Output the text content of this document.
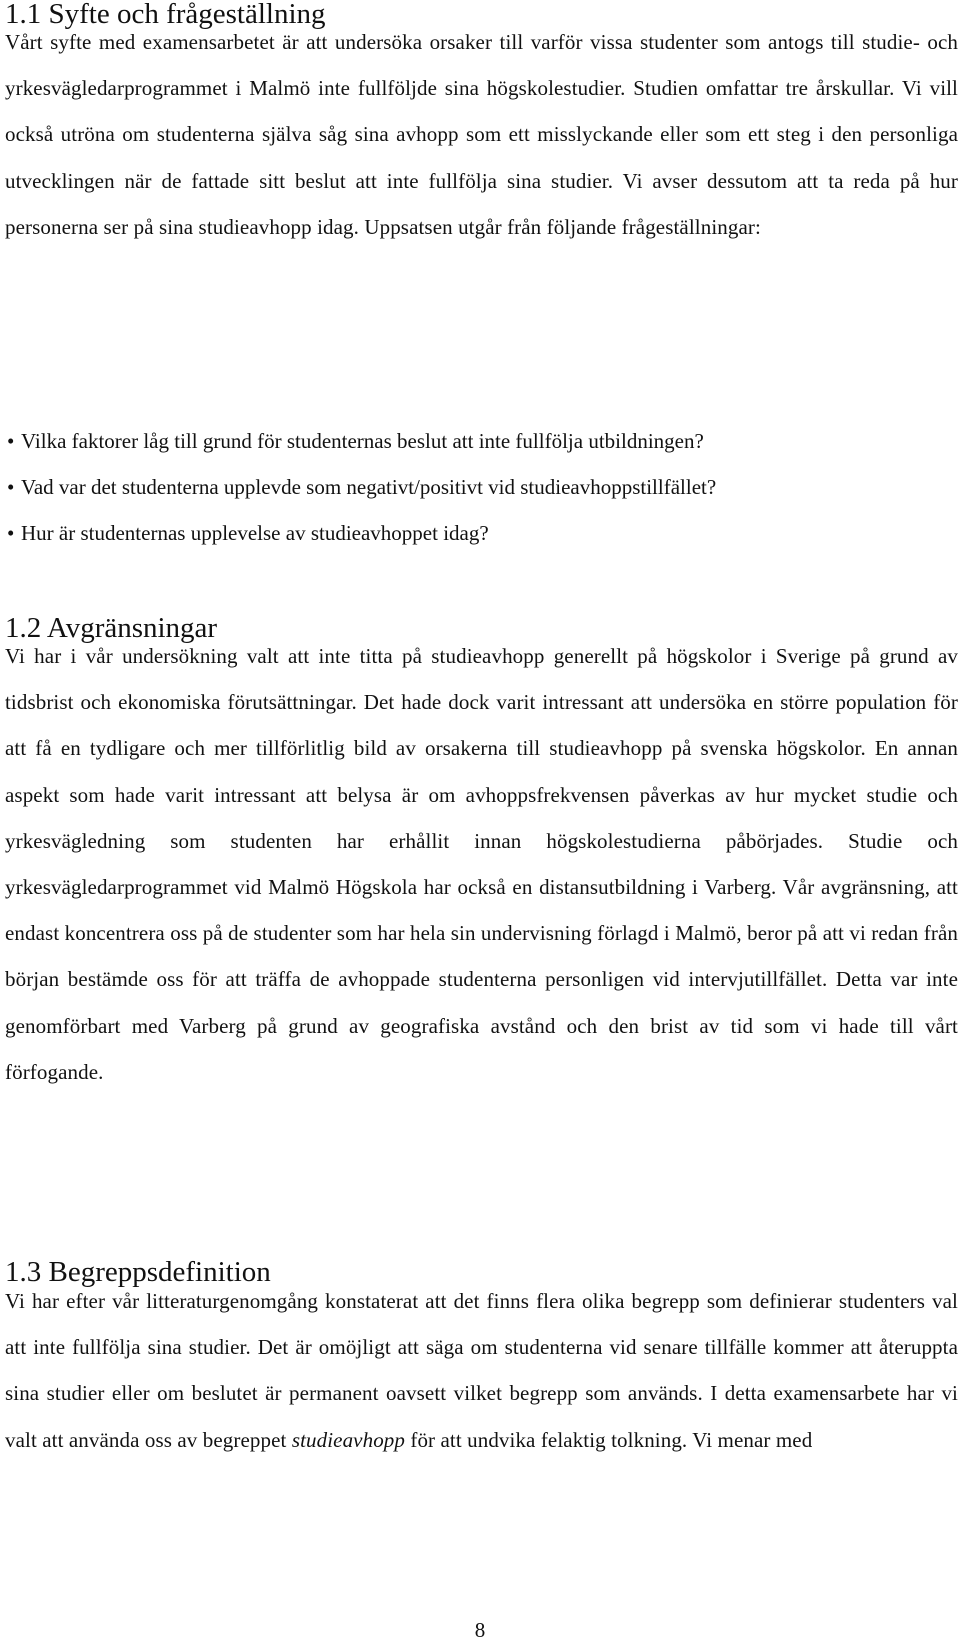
1.1 Syfte och frågeställning

Vårt syfte med examensarbetet är att undersöka orsaker till varför vissa studenter som antogs till studie- och yrkesvägledarprogrammet i Malmö inte fullföljde sina högskolestudier. Studien omfattar tre årskullar. Vi vill också utröna om studenterna själva såg sina avhopp som ett misslyckande eller som ett steg i den personliga utvecklingen när de fattade sitt beslut att inte fullfölja sina studier. Vi avser dessutom att ta reda på hur personerna ser på sina studieavhopp idag. Uppsatsen utgår från följande frågeställningar:

• Vilka faktorer låg till grund för studenternas beslut att inte fullfölja utbildningen?
• Vad var det studenterna upplevde som negativt/positivt vid studieavhoppstillfället?
• Hur är studenternas upplevelse av studieavhoppet idag?
1.2 Avgränsningar

Vi har i vår undersökning valt att inte titta på studieavhopp generellt på högskolor i Sverige på grund av tidsbrist och ekonomiska förutsättningar. Det hade dock varit intressant att undersöka en större population för att få en tydligare och mer tillförlitlig bild av orsakerna till studieavhopp på svenska högskolor. En annan aspekt som hade varit intressant att belysa är om avhoppsfrekvensen påverkas av hur mycket studie och yrkesvägledning som studenten har erhållit innan högskolestudierna påbörjades. Studie och yrkesvägledarprogrammet vid Malmö Högskola har också en distansutbildning i Varberg. Vår avgränsning, att endast koncentrera oss på de studenter som har hela sin undervisning förlagd i Malmö, beror på att vi redan från början bestämde oss för att träffa de avhoppade studenterna personligen vid intervjutillfället. Detta var inte genomförbart med Varberg på grund av geografiska avstånd och den brist av tid som vi hade till vårt förfogande.

1.3 Begreppsdefinition

Vi har efter vår litteraturgenomgång konstaterat att det finns flera olika begrepp som definierar studenters val att inte fullfölja sina studier. Det är omöjligt att säga om studenterna vid senare tillfälle kommer att återuppta sina studier eller om beslutet är permanent oavsett vilket begrepp som används. I detta examensarbete har vi valt att använda oss av begreppet studieavhopp för att undvika felaktig tolkning. Vi menar med

8
